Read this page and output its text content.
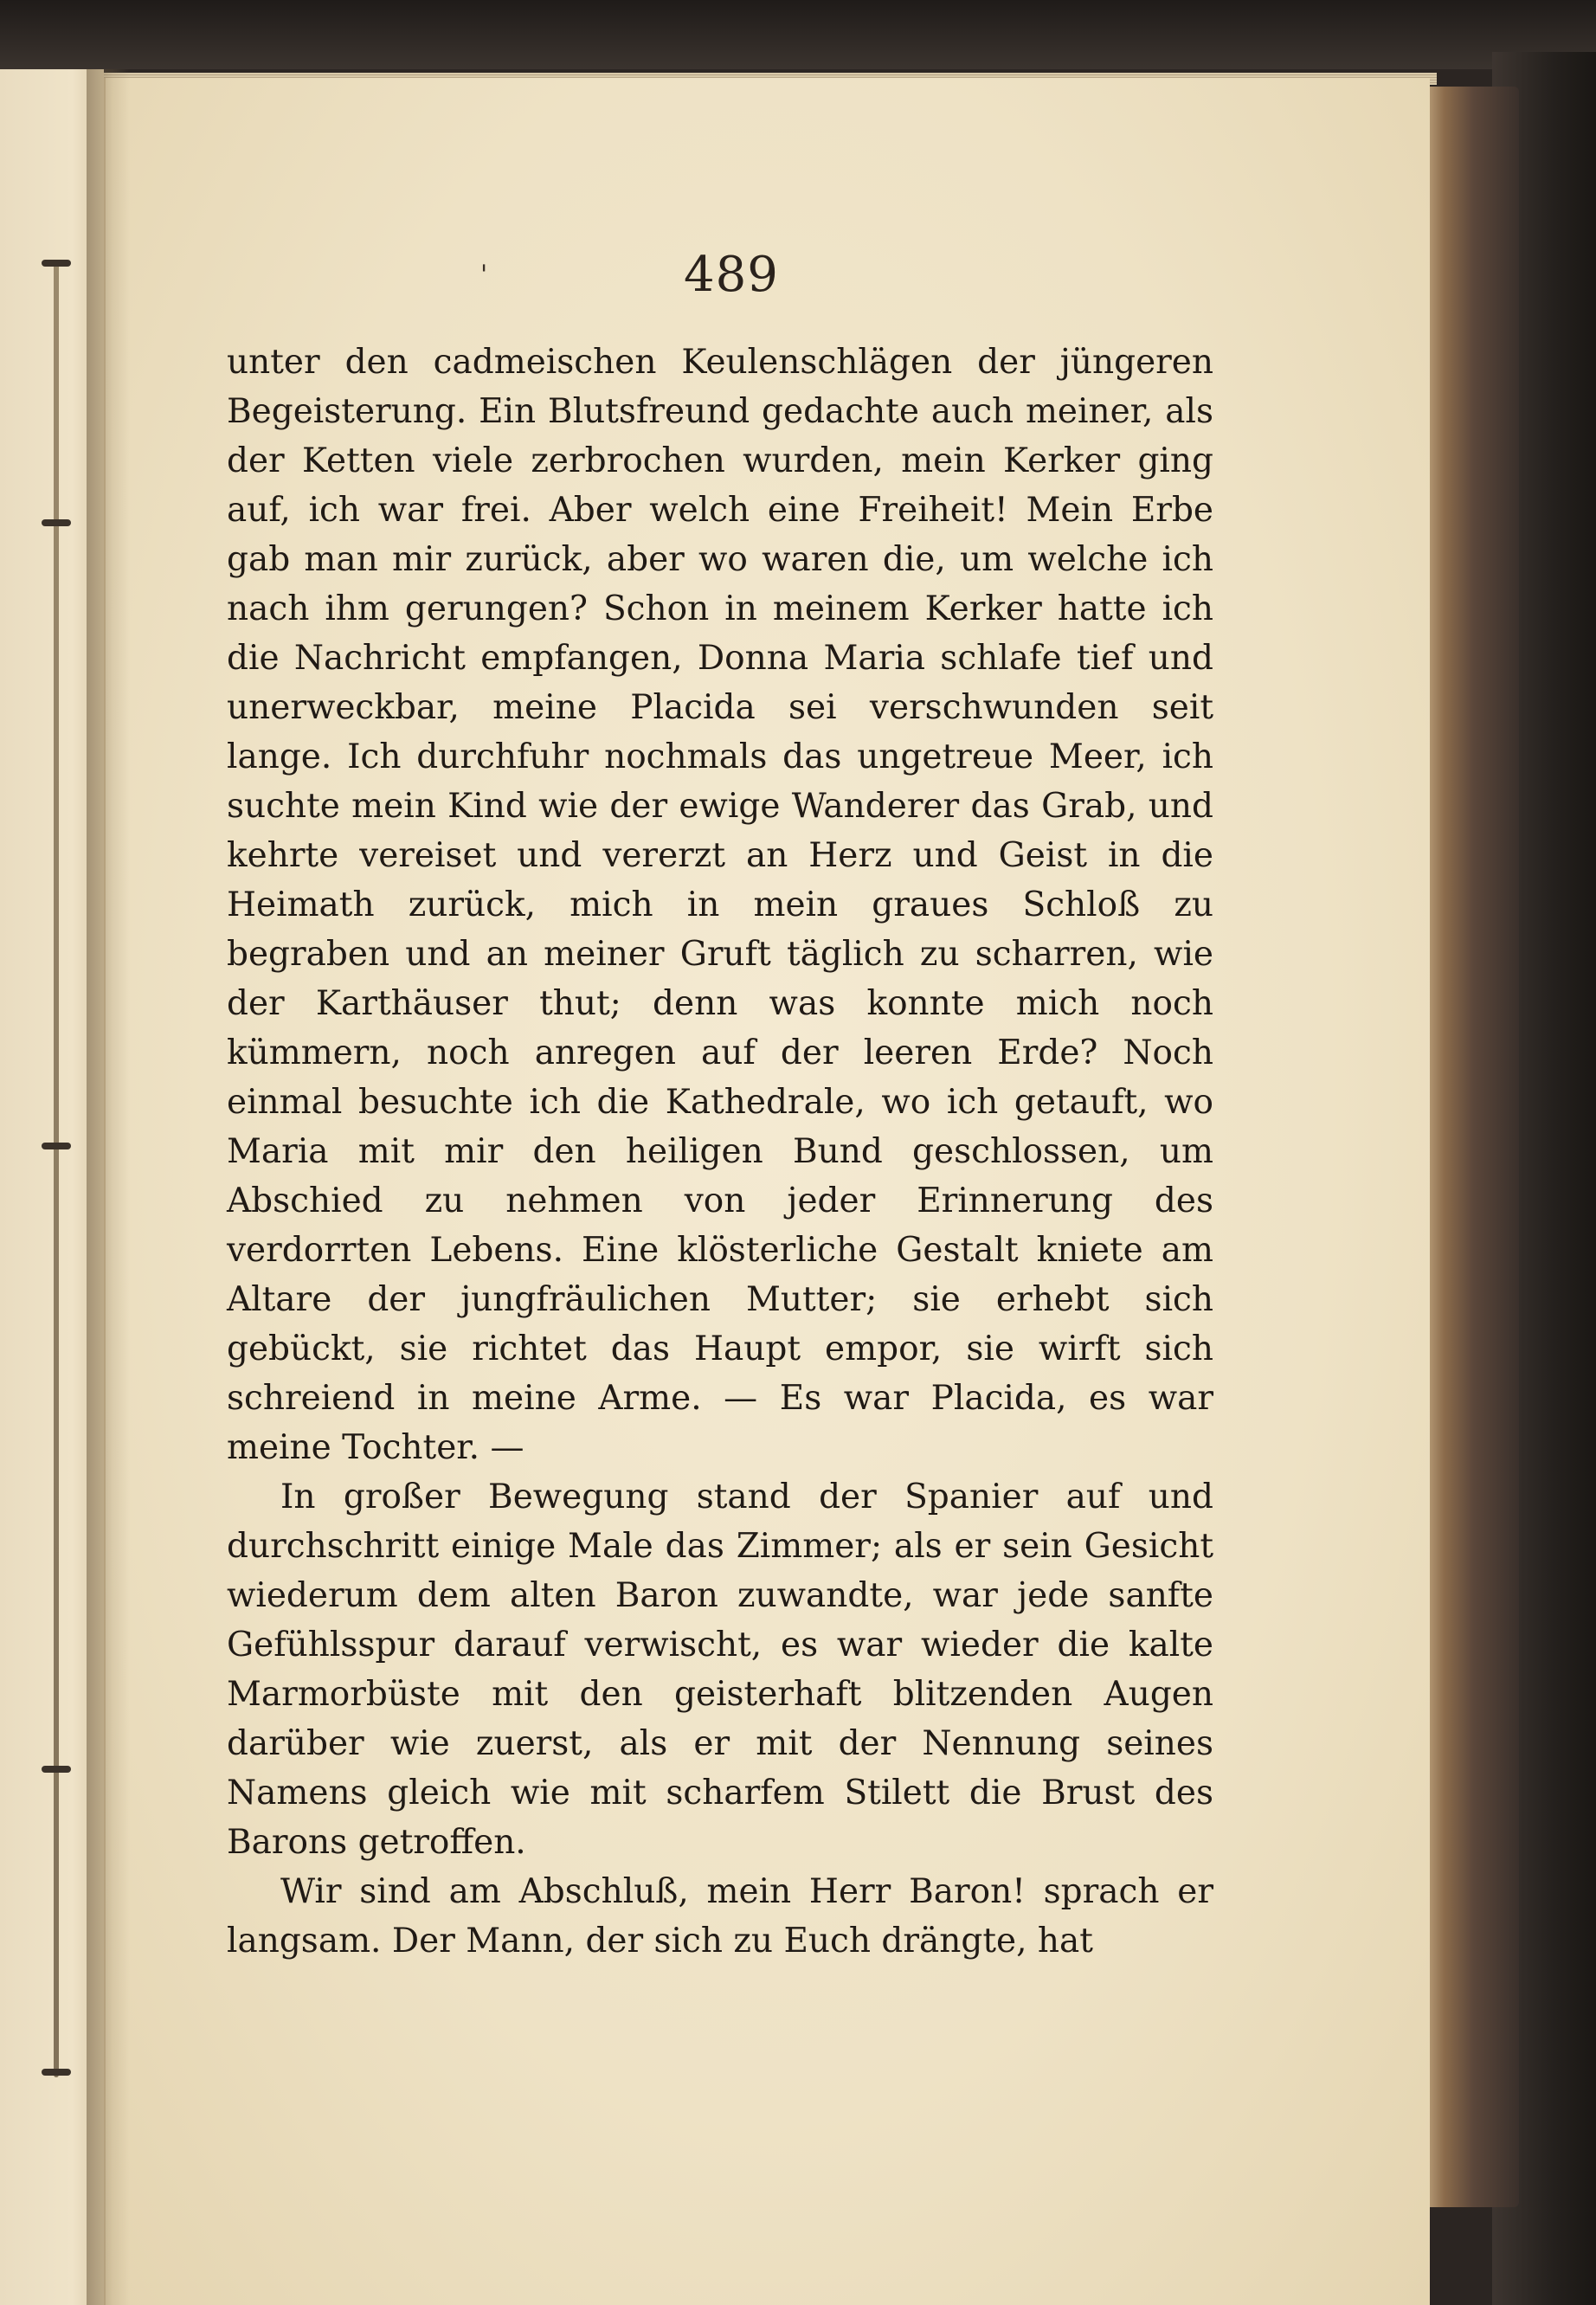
'	489

unter den cadmeischen Keulenschlägen der jüngeren Begeisterung. Ein Blutsfreund gedachte auch meiner, als der Ketten viele zerbrochen wurden, mein Kerker ging auf, ich war frei. Aber welch eine Freiheit! Mein Erbe gab man mir zurück, aber wo waren die, um welche ich nach ihm gerungen? Schon in meinem Kerker hatte ich die Nachricht empfangen, Donna Maria schlafe tief und unerweckbar, meine Placida sei verschwunden seit lange. Ich durchfuhr nochmals das ungetreue Meer, ich suchte mein Kind wie der ewige Wanderer das Grab, und kehrte vereiset und vererzt an Herz und Geist in die Heimath zurück, mich in mein graues Schloß zu begraben und an meiner Gruft täglich zu scharren, wie der Karthäuser thut; denn was konnte mich noch kümmern, noch anregen auf der leeren Erde? Noch einmal besuchte ich die Kathedrale, wo ich getauft, wo Maria mit mir den heiligen Bund geschlossen, um Abschied zu nehmen von jeder Erinnerung des verdorrten Lebens. Eine klösterliche Gestalt kniete am Altare der jungfräulichen Mutter; sie erhebt sich gebückt, sie richtet das Haupt empor, sie wirft sich schreiend in meine Arme. — Es war Placida, es war meine Tochter. —

In großer Bewegung stand der Spanier auf und durchschritt einige Male das Zimmer; als er sein Gesicht wiederum dem alten Baron zuwandte, war jede sanfte Gefühlsspur darauf verwischt, es war wieder die kalte Marmorbüste mit den geisterhaft blitzenden Augen darüber wie zuerst, als er mit der Nennung seines Namens gleich wie mit scharfem Stilett die Brust des Barons getroffen.

Wir sind am Abschluß, mein Herr Baron! sprach er langsam. Der Mann, der sich zu Euch drängte, hat
